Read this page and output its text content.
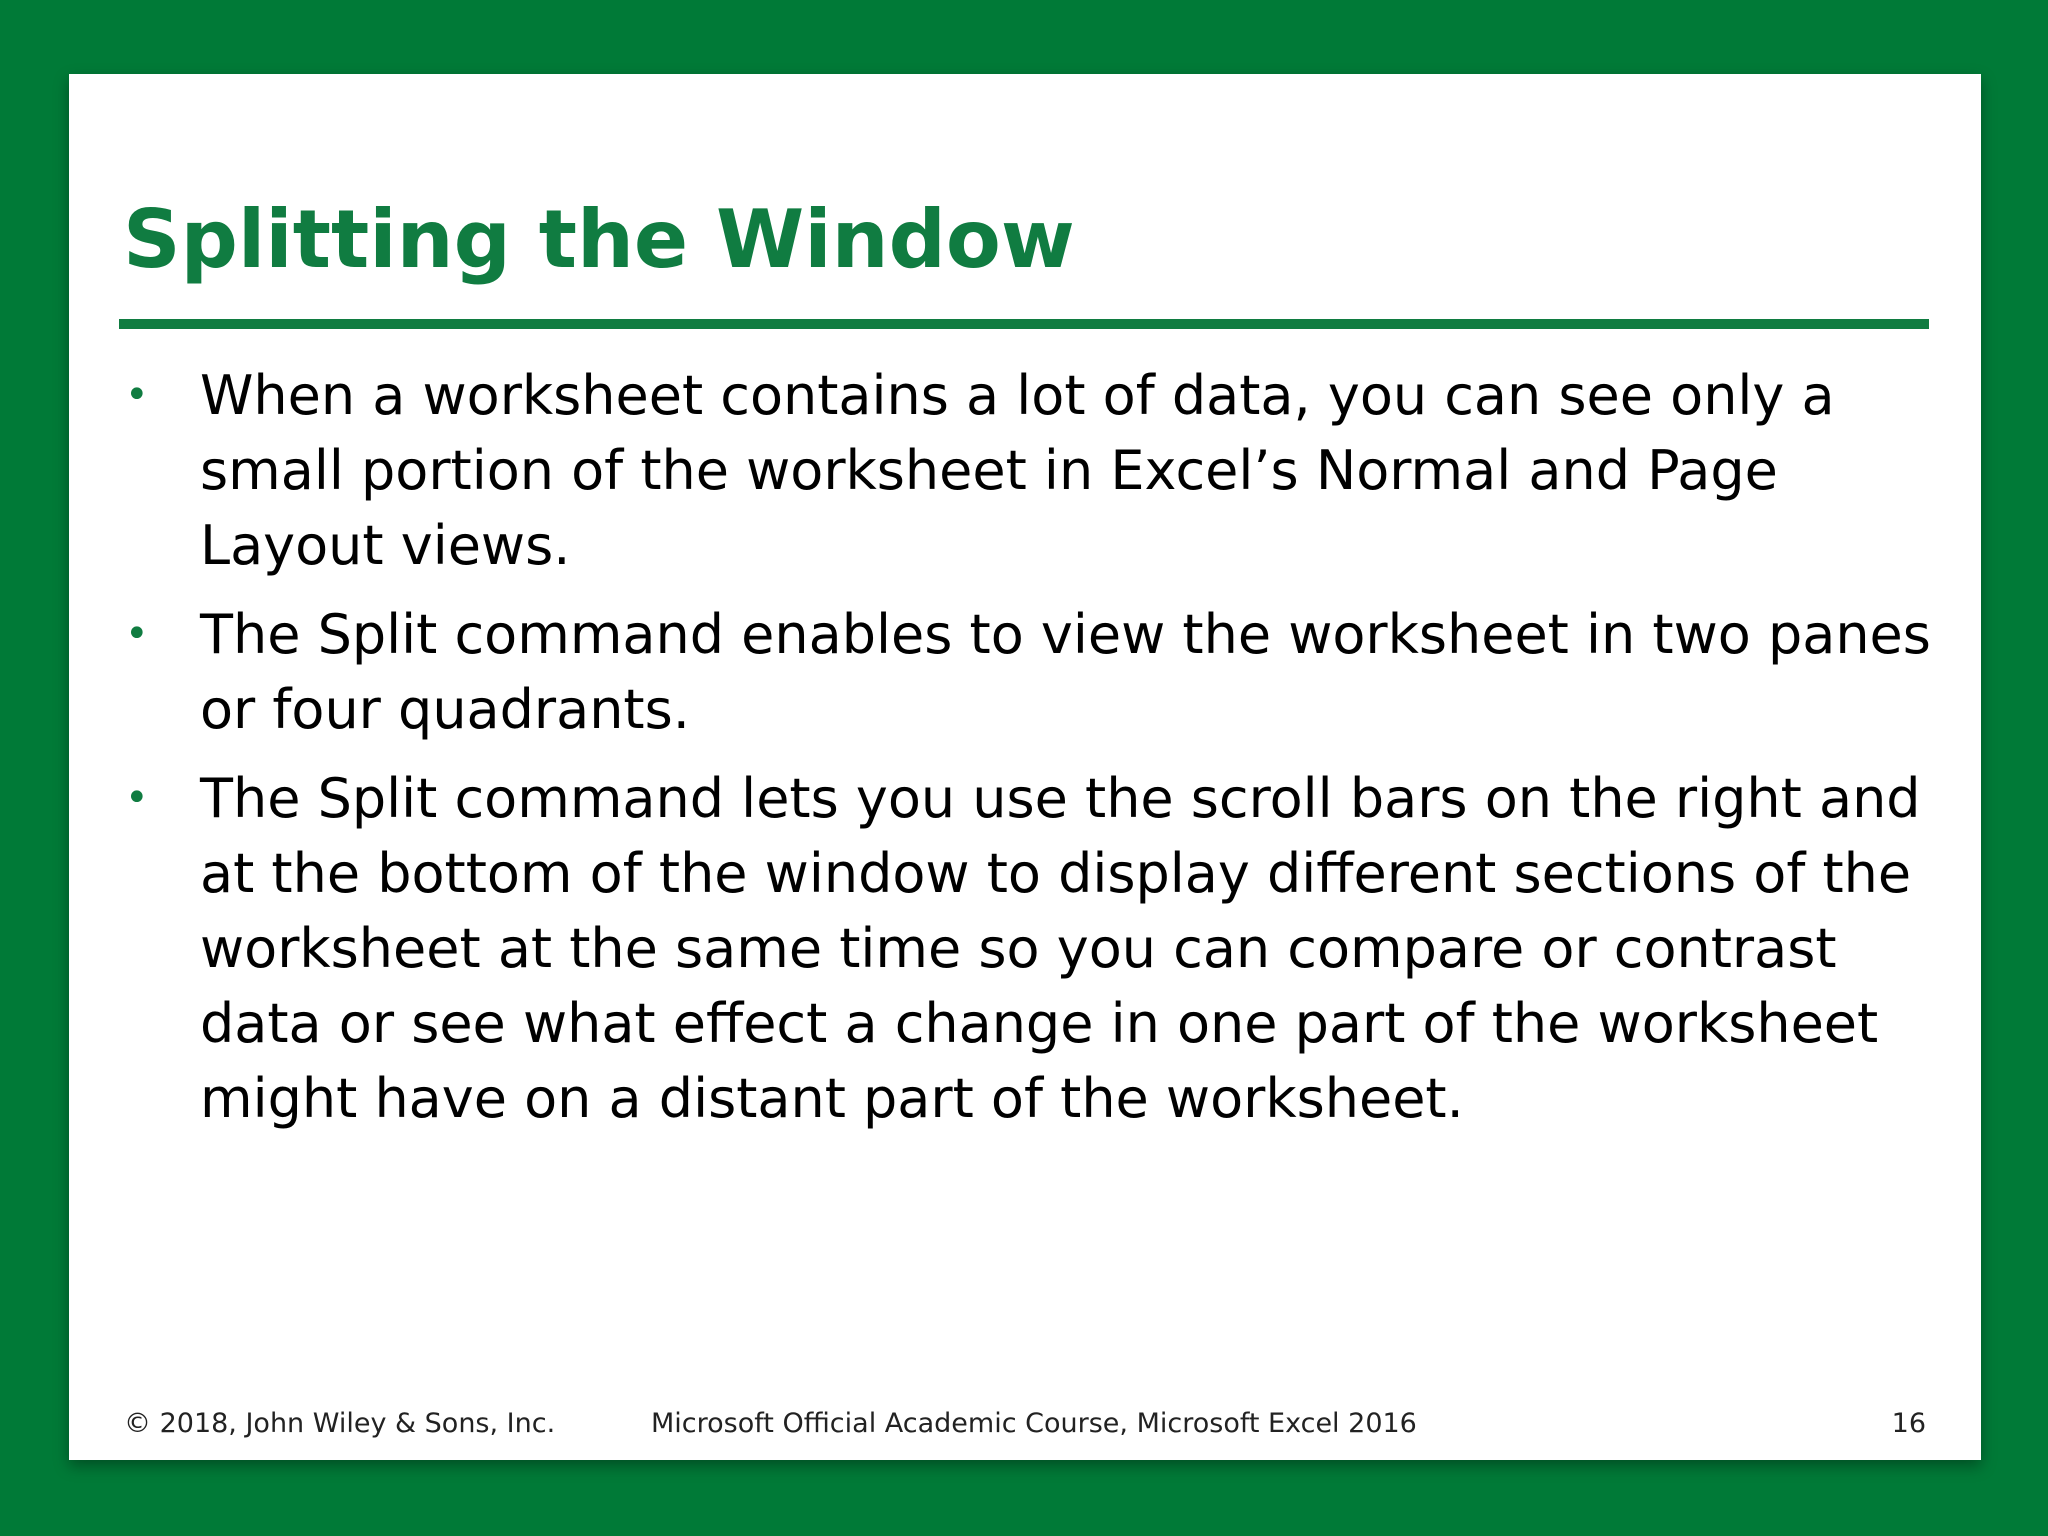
Splitting the Window
• When a worksheet contains a lot of data, you can see only a small portion of the worksheet in Excel’s Normal and Page Layout views.
• The Split command enables to view the worksheet in two panes or four quadrants.
• The Split command lets you use the scroll bars on the right and at the bottom of the window to display different sections of the worksheet at the same time so you can compare or contrast data or see what effect a change in one part of the worksheet might have on a distant part of the worksheet.
© 2018, John Wiley & Sons, Inc.	Microsoft Official Academic Course, Microsoft Excel 2016	16
